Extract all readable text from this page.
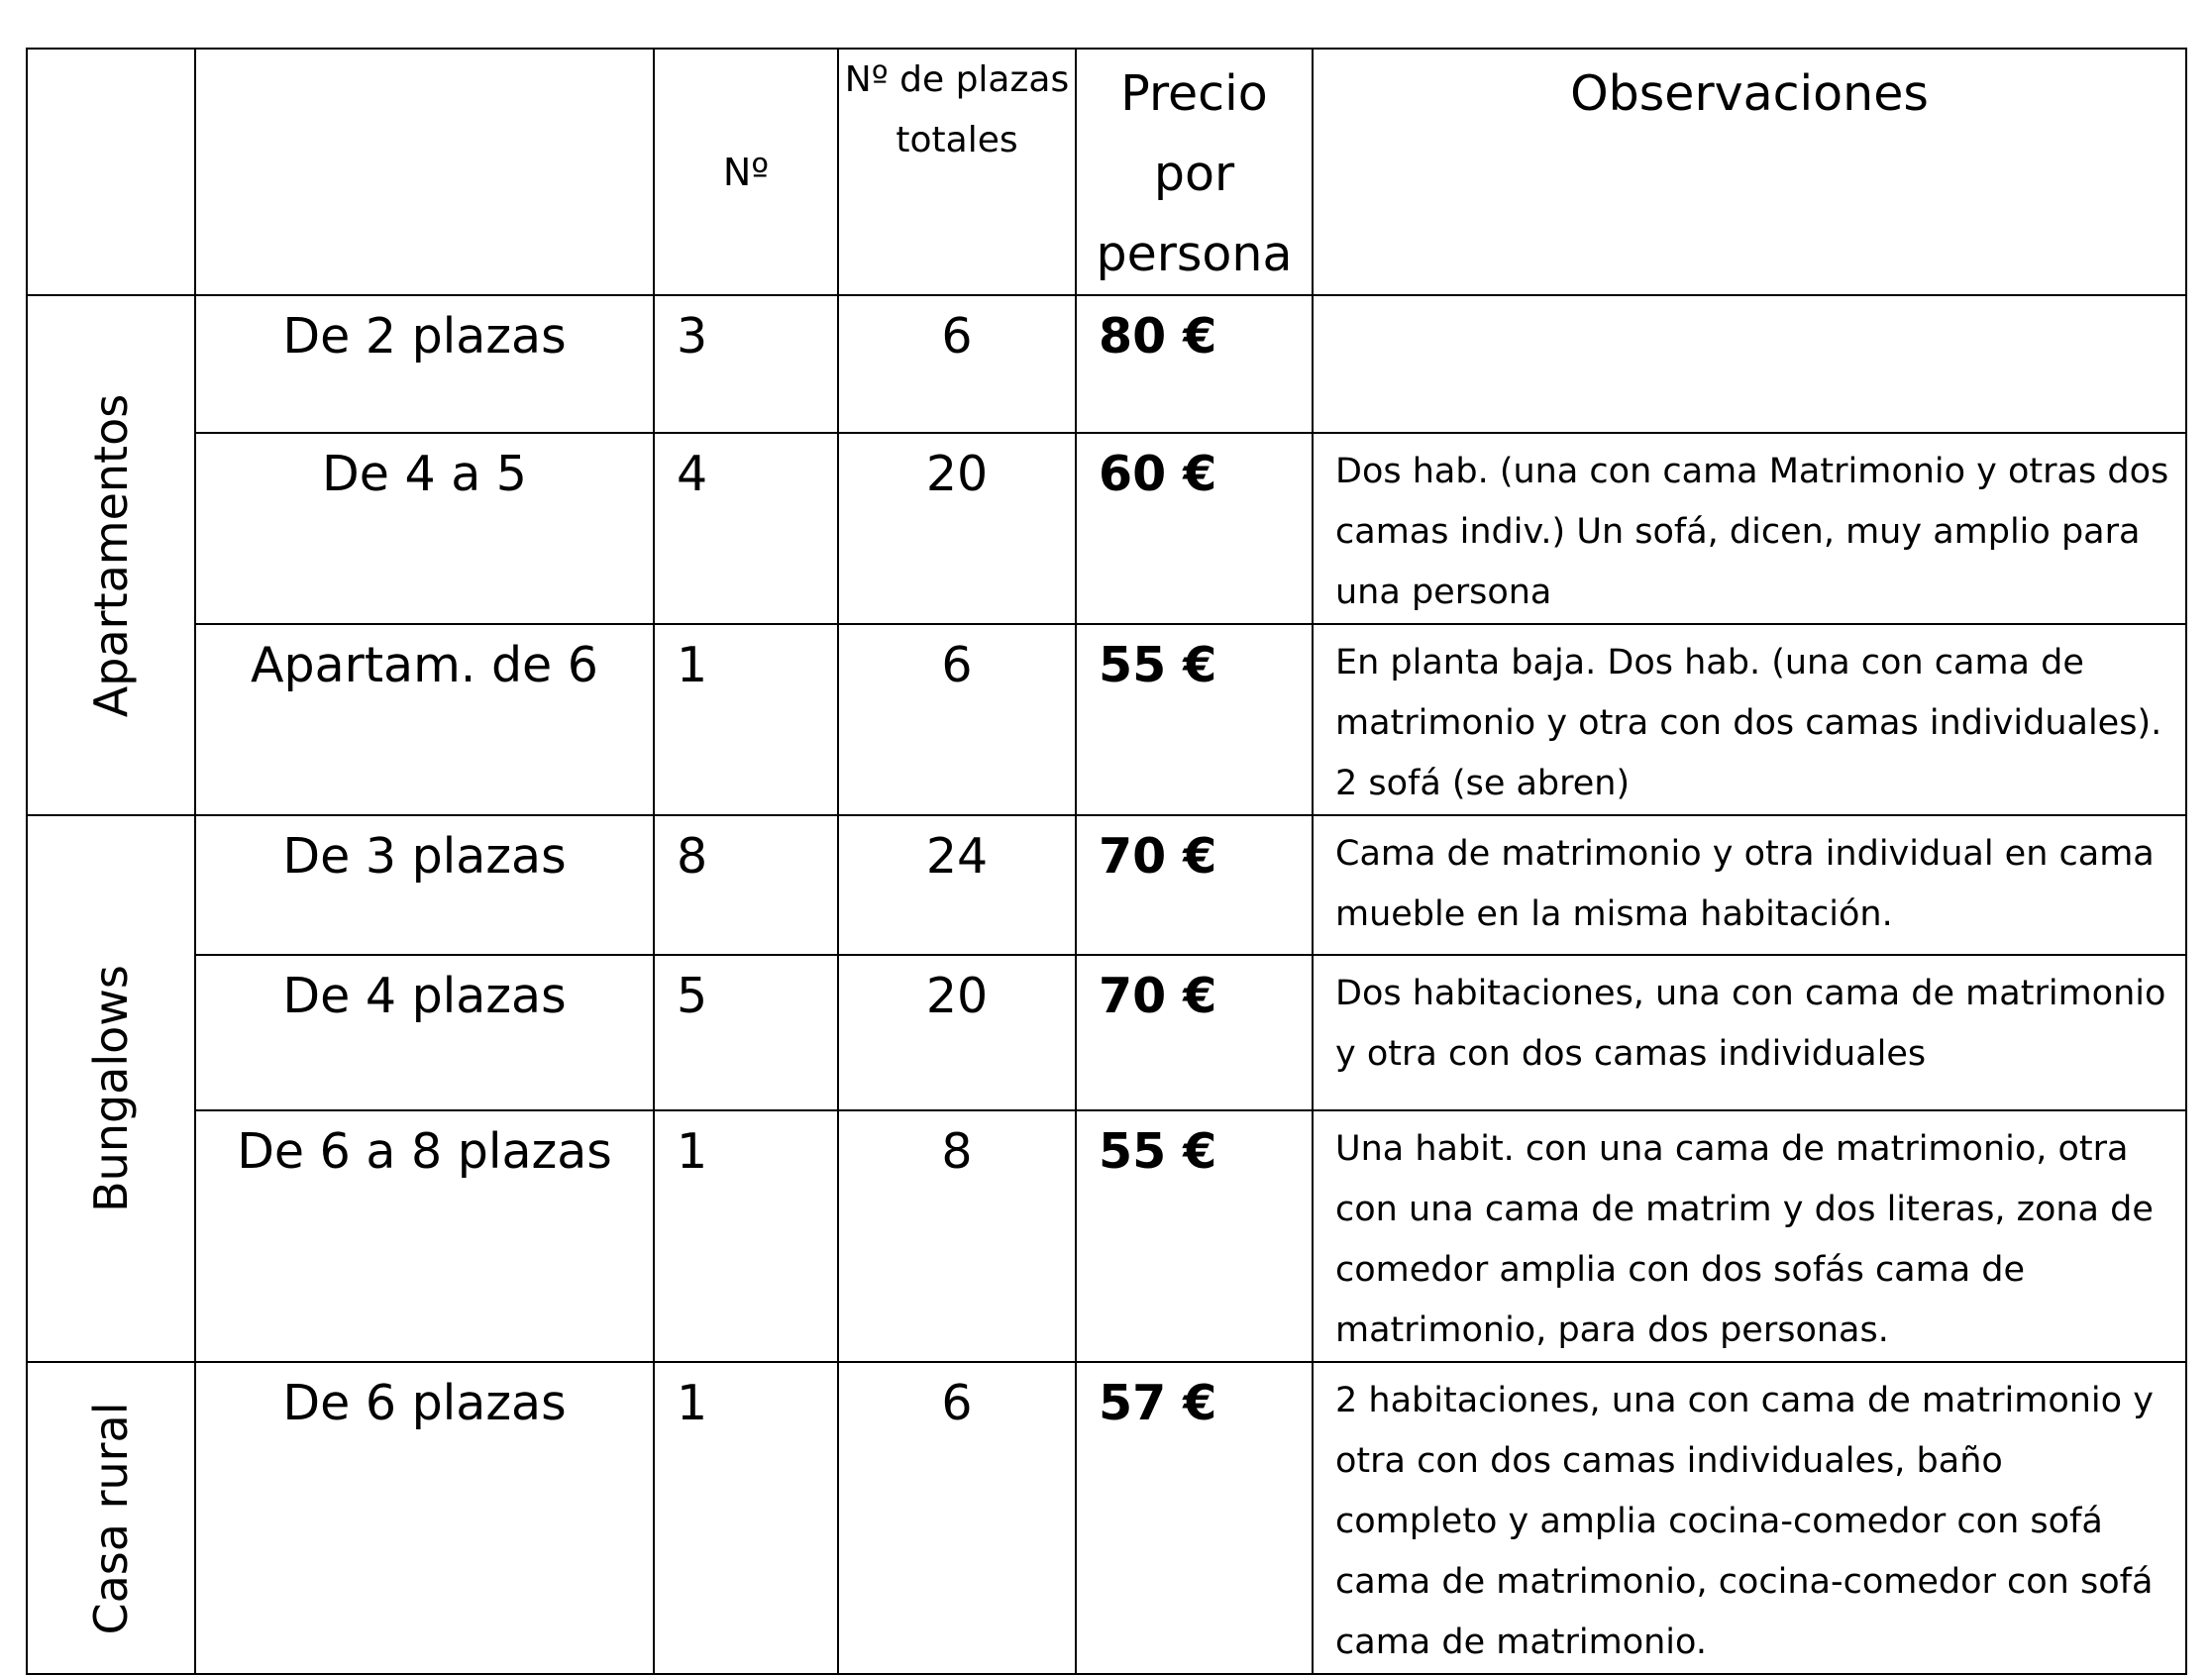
		Nº	Nº de plazas totales	Precio por persona	Observaciones

Apartamentos	De 2 plazas	3	6	80 €	
	De 4 a 5	4	20	60 €	Dos hab. (una con cama Matrimonio y otras dos camas indiv.) Un sofá, dicen, muy amplio para una persona
	Apartam. de 6	1	6	55 €	En planta baja. Dos hab. (una con cama de matrimonio y otra con dos camas individuales). 2 sofá (se abren)

Bungalows	De 3 plazas	8	24	70 €	Cama de matrimonio y otra individual en cama mueble en la misma habitación.
	De 4 plazas	5	20	70 €	Dos habitaciones, una con cama de matrimonio y otra con dos camas individuales
	De 6 a 8 plazas	1	8	55 €	Una habit. con una cama de matrimonio, otra con una cama de matrim y dos literas, zona de comedor amplia con dos sofás cama de matrimonio, para dos personas.

Casa rural	De 6 plazas	1	6	57 €	2 habitaciones, una con cama de matrimonio y otra con dos camas individuales, baño completo y amplia cocina-comedor con sofá cama de matrimonio, cocina-comedor con sofá cama de matrimonio.
